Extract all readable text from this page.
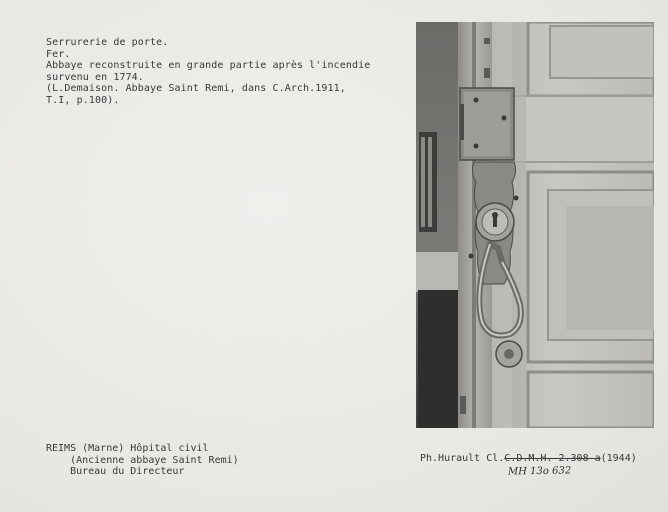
Serrurerie de porte.
Fer.
Abbaye reconstruite en grande partie après l'incendie
survenu en 1774.
(L.Demaison. Abbaye Saint Remi, dans C.Arch.1911,
T.I, p.100).
REIMS (Marne) Hôpital civil
(Ancienne abbaye Saint Remi)
Bureau du Directeur
Ph.Hurault Cl.C.D.M.H. 2.308 a(1944)
MH 13o 632
